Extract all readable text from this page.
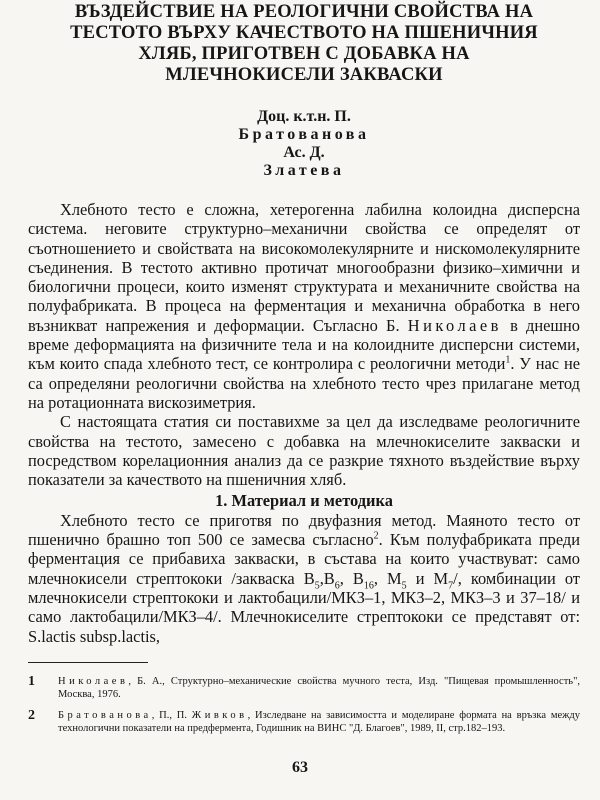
ВЪЗДЕЙСТВИЕ НА РЕОЛОГИЧНИ СВОЙСТВА НА
ТЕСТОТО ВЪРХУ КАЧЕСТВОТО НА ПШЕНИЧНИЯ
ХЛЯБ, ПРИГОТВЕН С ДОБАВКА НА
МЛЕЧНОКИСЕЛИ ЗАКВАСКИ
Доц. к.т.н. П.
Братованова
Ас. Д.
Златева

Хлебното тесто е сложна, хетерогенна лабилна колоидна дисперсна система. неговите структурно–механични свойства се определят от съотношението и свойствата на високомолекулярните и нискомолекулярните съединения. В тестото активно протичат многообразни физико–химични и биологични процеси, които изменят структурата и механичните свойства на полуфабриката. В процеса на ферментация и механична обработка в него възникват напрежения и деформации. Съгласно Б. Николаев в днешно време деформацията на физичните тела и на колоидните дисперсни системи, към които спада хлебното тест, се контролира с реологични методи$^1$. У нас не са определяни реологични свойства на хлебното тесто чрез прилагане метод на ротационната вискозиметрия.

С настоящата статия си поставихме за цел да изследваме реологичните свойства на тестото, замесено с добавка на млечнокиселите закваски и посредством корелационния анализ да се разкрие тяхното въздействие върху показатели за качеството на пшеничния хляб.

1. Материал и методика

Хлебното тесто се приготвя по двуфазния метод. Маяното тесто от пшенично брашно топ 500 се замесва съгласно$^2$. Към полуфабриката преди ферментация се прибавиха закваски, в състава на които участвуват: само млечнокисели стрептококи /закваска $В_5,В_6$, $В_{16}$, $М_5$ и $М_7/$, комбинации от млечнокисели стрептококи и лактобацили/МКЗ–1, МКЗ–2, МКЗ–3 и 37–18/ и само лактобацили/МКЗ–4/. Млечнокиселите стрептококи се представят от: S.lactis subsp.lactis,

1	Николаев, Б. А., Структурно–механические свойства мучного теста, Изд. "Пищевая промышленность", Москва, 1976.
2	Братованова, П., П. Живков, Изследване на зависимостта и моделиране формата на връзка между технологични показатели на предфермента, Годишник на ВИНС "Д. Благоев", 1989, II, стр.182–193.
63
